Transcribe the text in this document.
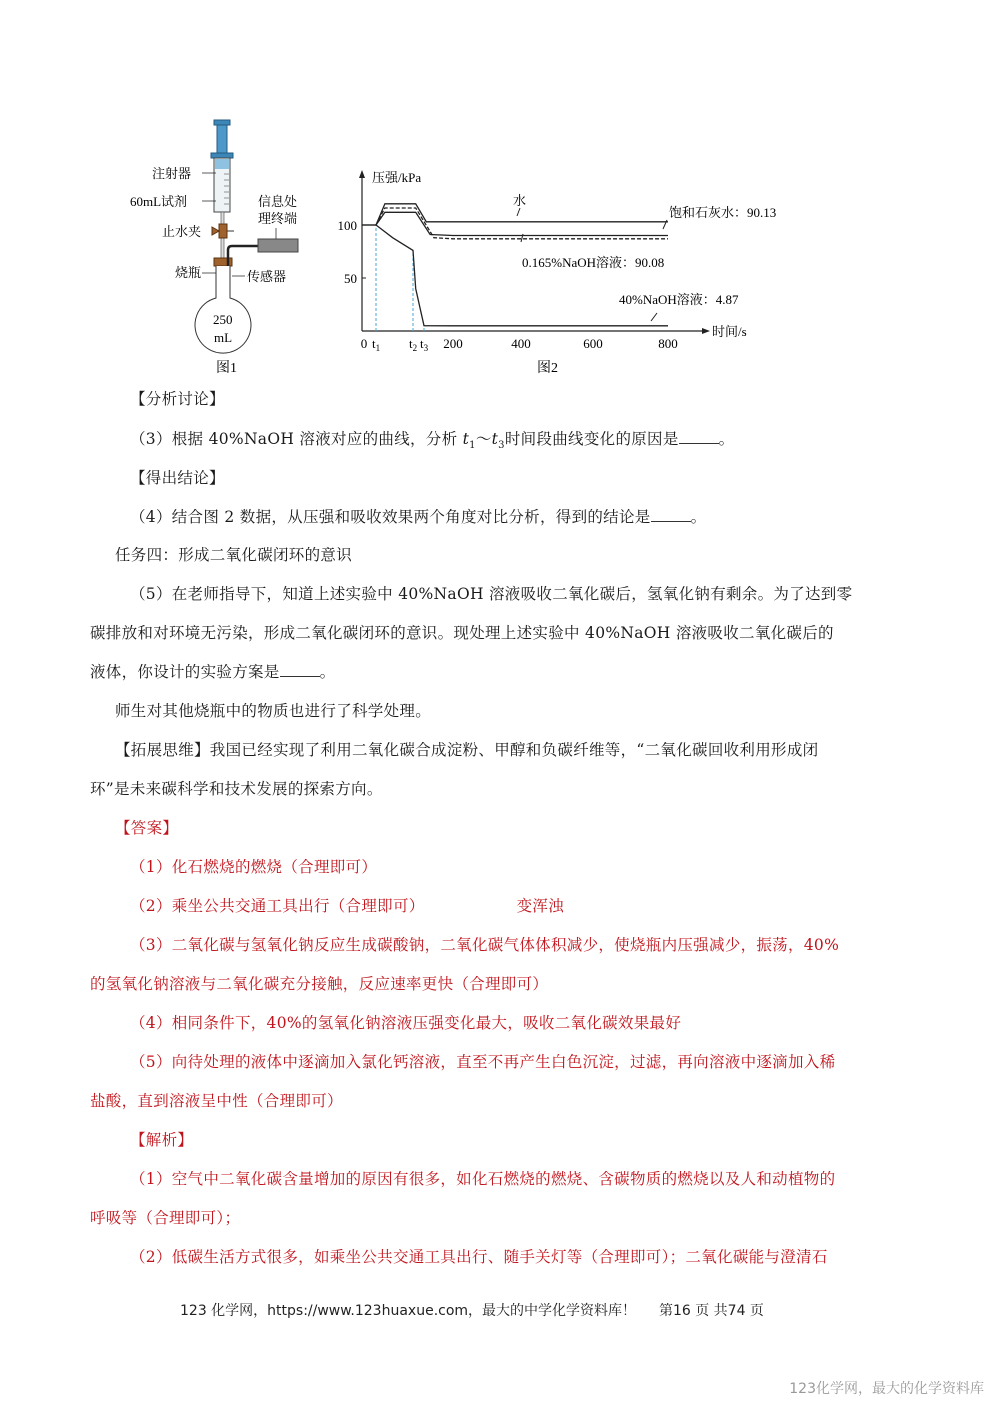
注射器
60mL试剂
止水夹
烧瓶	传感器
信息处
理终端
250
mL
图1
压强/kPa
时间/s
50
100
0 $t_1$ $t_2$ $t_3$ 200	400	600	800
水
饱和石灰水：90.13
0.165%NaOH溶液：90.08
40%NaOH溶液：4.87
图2
【分析讨论】
（3）根据 40%NaOH 溶液对应的曲线，分析 $t_1\sim t_3$时间段曲线变化的原因是	。
【得出结论】
（4）结合图 2 数据，从压强和吸收效果两个角度对比分析，得到的结论是	。
任务四：形成二氧化碳闭环的意识
（5）在老师指导下，知道上述实验中 40%NaOH 溶液吸收二氧化碳后，氢氧化钠有剩余。为了达到零
碳排放和对环境无污染，形成二氧化碳闭环的意识。现处理上述实验中 40%NaOH 溶液吸收二氧化碳后的
液体，你设计的实验方案是	。
师生对其他烧瓶中的物质也进行了科学处理。
【拓展思维】我国已经实现了利用二氧化碳合成淀粉、甲醇和负碳纤维等，“二氧化碳回收利用形成闭
环”是未来碳科学和技术发展的探索方向。
【答案】
（1）化石燃烧的燃烧（合理即可）
（2）乘坐公共交通工具出行（合理即可）	变浑浊
（3）二氧化碳与氢氧化钠反应生成碳酸钠，二氧化碳气体体积减少，使烧瓶内压强减少，振荡，40%
的氢氧化钠溶液与二氧化碳充分接触，反应速率更快（合理即可）
（4）相同条件下，40%的氢氧化钠溶液压强变化最大，吸收二氧化碳效果最好
（5）向待处理的液体中逐滴加入氯化钙溶液，直至不再产生白色沉淀，过滤，再向溶液中逐滴加入稀
盐酸，直到溶液呈中性（合理即可）
【解析】
（1）空气中二氧化碳含量增加的原因有很多，如化石燃烧的燃烧、含碳物质的燃烧以及人和动植物的
呼吸等（合理即可）；
（2）低碳生活方式很多，如乘坐公共交通工具出行、随手关灯等（合理即可）；二氧化碳能与澄清石
123 化学网，https://www.123huaxue.com，最大的中学化学资料库！ 第16 页 共74 页
123化学网，最大的化学资料库
